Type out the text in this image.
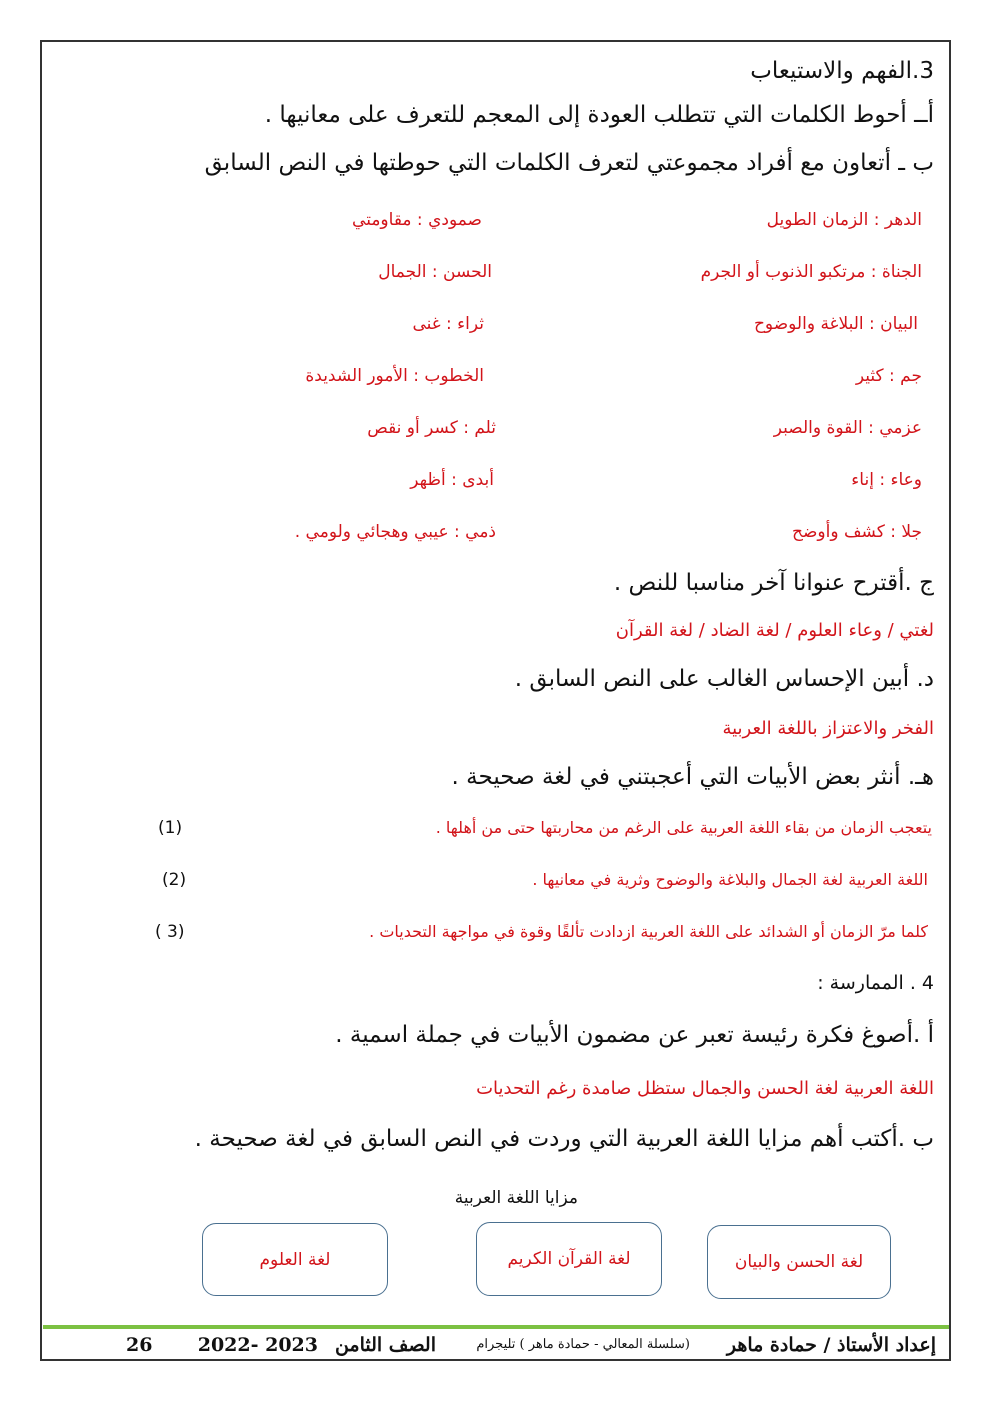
3.الفهم والاستيعاب
أــ أحوط الكلمات التي تتطلب العودة إلى المعجم للتعرف على معانيها .
ب ـ أتعاون مع أفراد مجموعتي لتعرف الكلمات التي حوطتها في النص السابق
الدهر : الزمان الطويل
صمودي : مقاومتي
الجناة : مرتكبو الذنوب أو الجرم
الحسن : الجمال
البيان : البلاغة والوضوح
ثراء : غنى
جم : كثير
الخطوب : الأمور الشديدة
عزمي : القوة والصبر
ثلم : كسر أو نقص
وعاء : إناء
أبدى : أظهر
جلا : كشف وأوضح
ذمي : عيبي وهجائي ولومي .
ج .أقترح عنوانا آخر مناسبا للنص .
لغتي / وعاء العلوم / لغة الضاد / لغة القرآن
د. أبين الإحساس الغالب على النص السابق .
الفخر والاعتزاز باللغة العربية
هـ. أنثر بعض الأبيات التي أعجبتني في لغة صحيحة .
يتعجب الزمان من بقاء اللغة العربية على الرغم من محاربتها حتى من أهلها .
(1)
اللغة العربية لغة الجمال والبلاغة والوضوح وثرية في معانيها .
(2)
كلما مرّ الزمان أو الشدائد على اللغة العربية ازدادت تألقًا وقوة في مواجهة التحديات .
( 3)
4 . الممارسة :
أ .أصوغ فكرة رئيسة تعبر عن مضمون الأبيات في جملة اسمية .
اللغة العربية لغة الحسن والجمال ستظل صامدة رغم التحديات
ب .أكتب أهم مزايا اللغة العربية التي وردت في النص السابق في لغة صحيحة .
مزايا اللغة العربية
لغة الحسن والبيان
لغة القرآن الكريم
لغة العلوم
إعداد الأستاذ / حمادة ماهر
(سلسلة المعالي - حمادة ماهر ) تليجرام
الصف الثامن
2022- 2023
26
